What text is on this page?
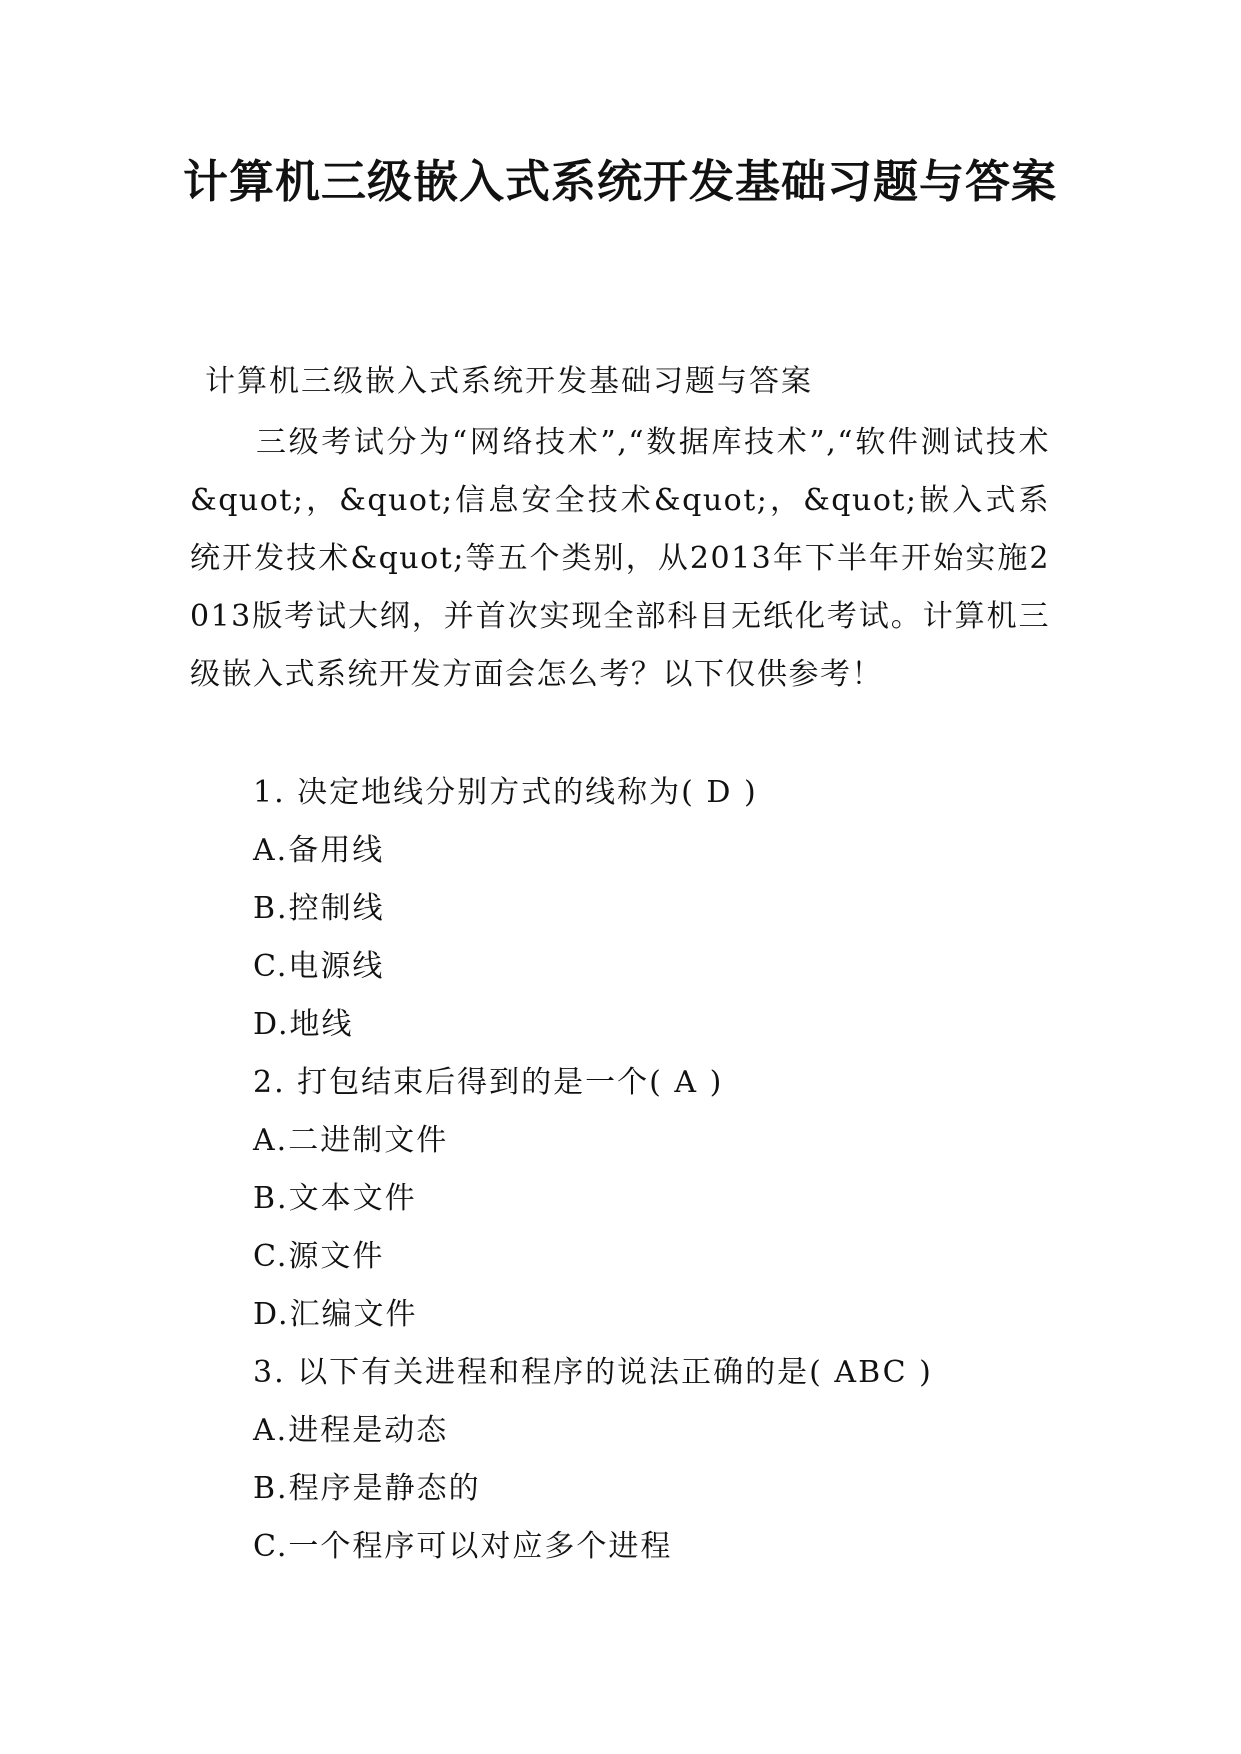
计算机三级嵌入式系统开发基础习题与答案

计算机三级嵌入式系统开发基础习题与答案

三级考试分为“网络技术”,“数据库技术”,“软件测试技术&quot;，&quot;信息安全技术&quot;，&quot;嵌入式系统开发技术&quot;等五个类别，从2013年下半年开始实施2013版考试大纲，并首次实现全部科目无纸化考试。计算机三级嵌入式系统开发方面会怎么考？以下仅供参考！

1. 决定地线分别方式的线称为( D )
A.备用线
B.控制线
C.电源线
D.地线
2. 打包结束后得到的是一个( A )
A.二进制文件
B.文本文件
C.源文件
D.汇编文件
3. 以下有关进程和程序的说法正确的是( ABC )
A.进程是动态
B.程序是静态的
C.一个程序可以对应多个进程
